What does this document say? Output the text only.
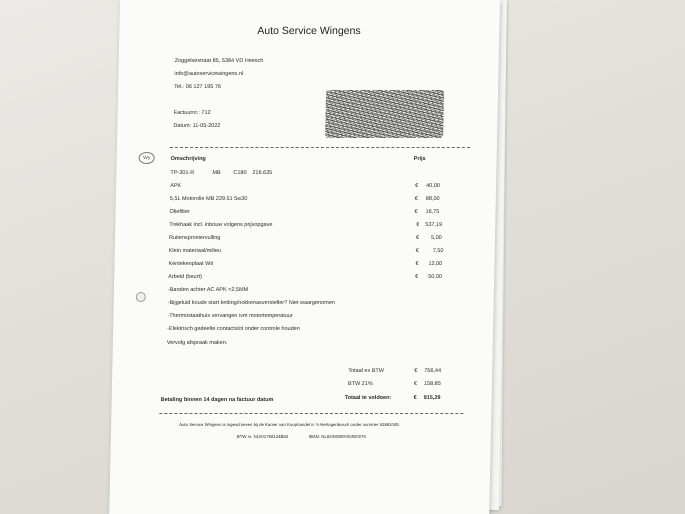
Auto Service Wingens
Zoggelsestraat 85, 5384 VD Heesch
info@autoservicewingens.nl
Tel.: 06 127 195 76
Factuurnr.: 712
Datum: 11-05-2022
Wy	Omschrijving	Prijs
TP-301-R	MB C180 216.635
APK	€ 40,00
5,5L Motorolie MB 229.51 5w30	€ 88,00
Oliefilter	€ 16,75
Trekhaak incl. inbouw volgens prijsopgave	€ 537,19
Ruitensproeiervulling	€ 5,00
Klein materiaal/milieu	€	7,50
Kentekenplaat Wit	€ 12,00
Arbeid (beurt)	€ 50,00
-Banden achter AC APK <2,5MM
-Bijgeluid koude start ketting/nokkenasversteller? Niet waargenomen
-Thermostaathuis vervangen ivm motortemperatuur
-Elektrisch gedeelte contactslot onder controle houden
Vervolg afspraak maken.
Totaal ex BTW	€ 756,44
BTW 21%	€ 158,85
Totaal te voldoen:	€ 915,29
Betaling binnen 14 dagen na factuur datum
Auto Service Wingens is ingeschreven bij de Kamer van Koophandel in 's-Hertogenbosch onder nummer 62881045.
BTW nr. NL001758124B82	IBAN: NL83INGB0006920076
